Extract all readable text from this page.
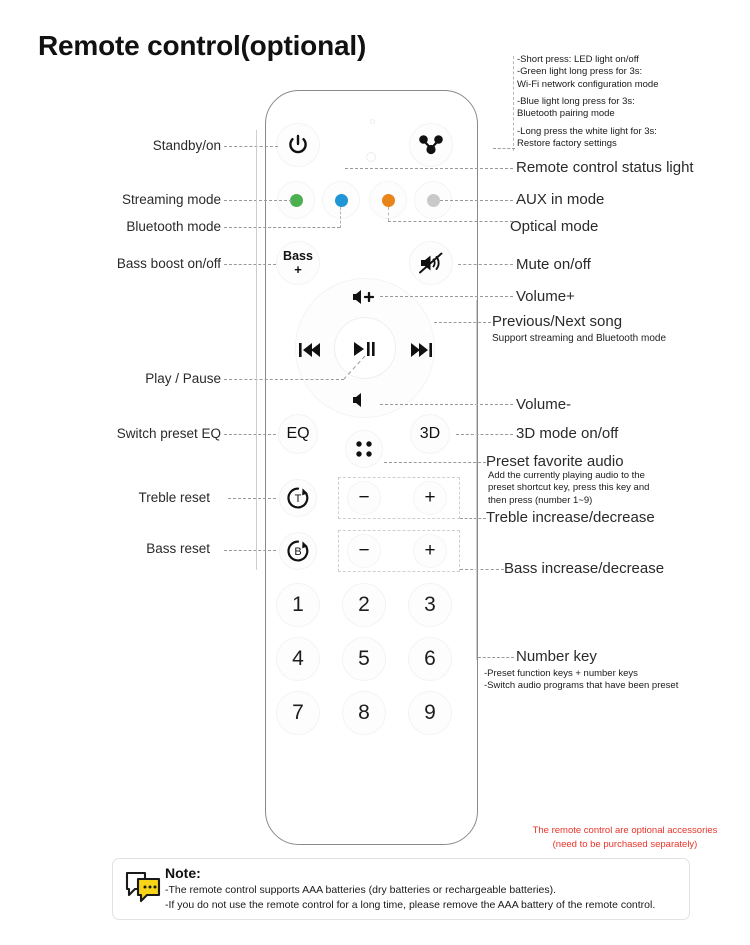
Remote control(optional)
Bass
+
EQ	3D
T	−	+
B	−	+
1	2	3
4	5	6
7	8	9
Standby/on
Streaming mode
Bluetooth mode
Bass boost on/off
Play / Pause
Switch preset EQ
Treble reset
Bass reset
-Short press: LED light on/off
-Green light long press for 3s:
Wi-Fi network configuration mode
-Blue light long press for 3s:
Bluetooth pairing mode
-Long press the white light for 3s:
Restore factory settings
Remote control status light
AUX in mode
Optical mode
Mute on/off
Volume+
Previous/Next song
Support streaming and Bluetooth mode
Volume-
3D mode on/off
Preset favorite audio
Add the currently playing audio to the
preset shortcut key, press this key and
then press (number 1~9)
Treble increase/decrease
Bass increase/decrease
Number key
-Preset function keys + number keys
-Switch audio programs that have been preset
The remote control are optional accessories
(need to be purchased separately)
Note:
-The remote control supports AAA batteries (dry batteries or rechargeable batteries).
-If you do not use the remote control for a long time, please remove the AAA battery of the remote control.
